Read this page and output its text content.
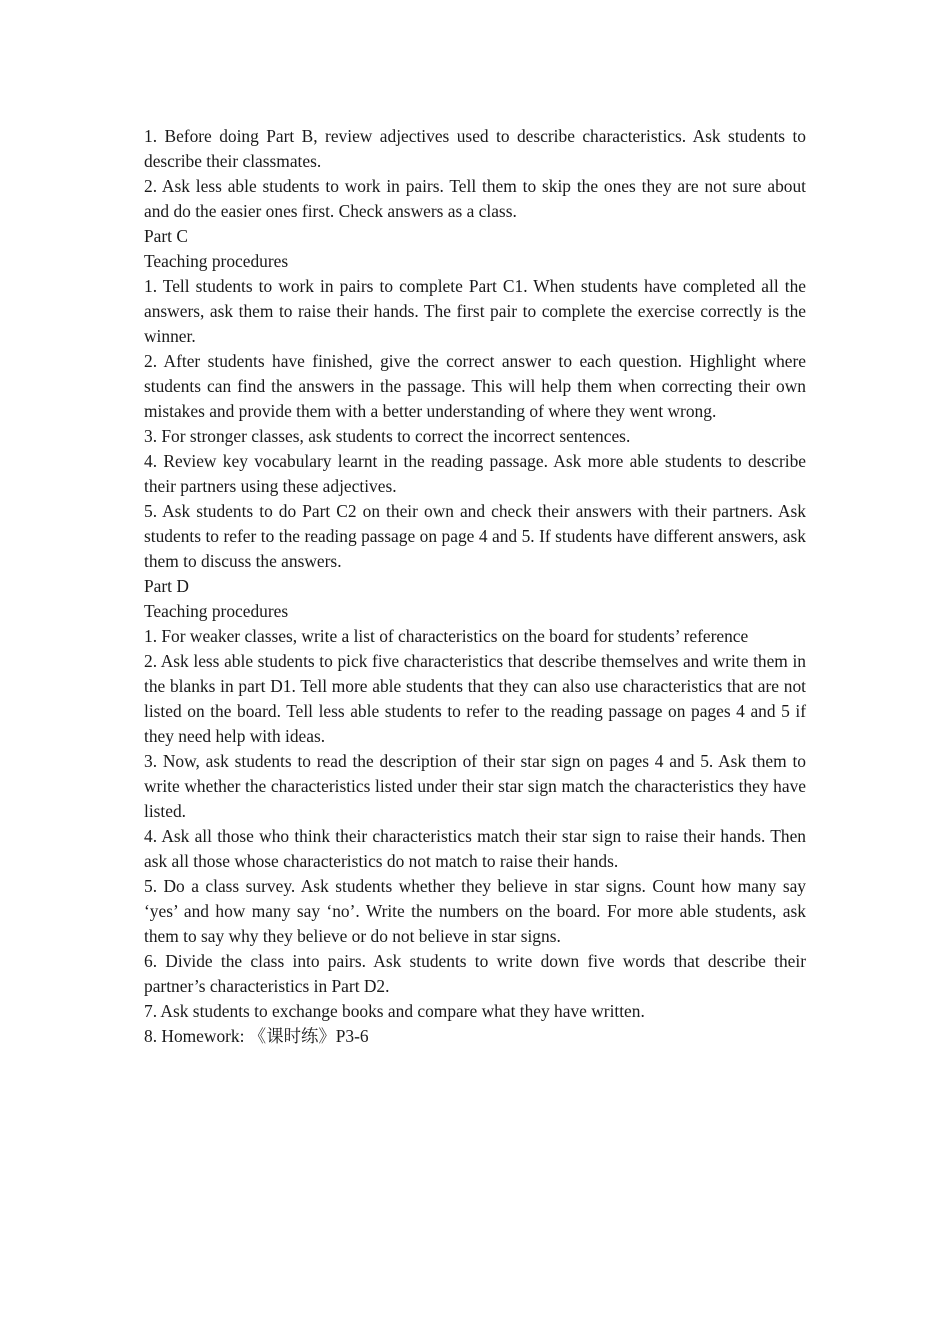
1. Before doing Part B, review adjectives used to describe characteristics. Ask students to describe their classmates.

2. Ask less able students to work in pairs. Tell them to skip the ones they are not sure about and do the easier ones first. Check answers as a class.

Part C

Teaching procedures

1. Tell students to work in pairs to complete Part C1. When students have completed all the answers, ask them to raise their hands. The first pair to complete the exercise correctly is the winner.

2. After students have finished, give the correct answer to each question. Highlight where students can find the answers in the passage. This will help them when correcting their own mistakes and provide them with a better understanding of where they went wrong.

3. For stronger classes, ask students to correct the incorrect sentences.

4. Review key vocabulary learnt in the reading passage. Ask more able students to describe their partners using these adjectives.

5. Ask students to do Part C2 on their own and check their answers with their partners. Ask students to refer to the reading passage on page 4 and 5. If students have different answers, ask them to discuss the answers.

Part D

Teaching procedures

1. For weaker classes, write a list of characteristics on the board for students’ reference

2. Ask less able students to pick five characteristics that describe themselves and write them in the blanks in part D1. Tell more able students that they can also use characteristics that are not listed on the board. Tell less able students to refer to the reading passage on pages 4 and 5 if they need help with ideas.

3. Now, ask students to read the description of their star sign on pages 4 and 5. Ask them to write whether the characteristics listed under their star sign match the characteristics they have listed.

4. Ask all those who think their characteristics match their star sign to raise their hands. Then ask all those whose characteristics do not match to raise their hands.

5. Do a class survey. Ask students whether they believe in star signs. Count how many say ‘yes’ and how many say ‘no’. Write the numbers on the board. For more able students, ask them to say why they believe or do not believe in star signs.

6. Divide the class into pairs. Ask students to write down five words that describe their partner’s characteristics in Part D2.

7. Ask students to exchange books and compare what they have written.

8. Homework: 《课时练》P3-6
